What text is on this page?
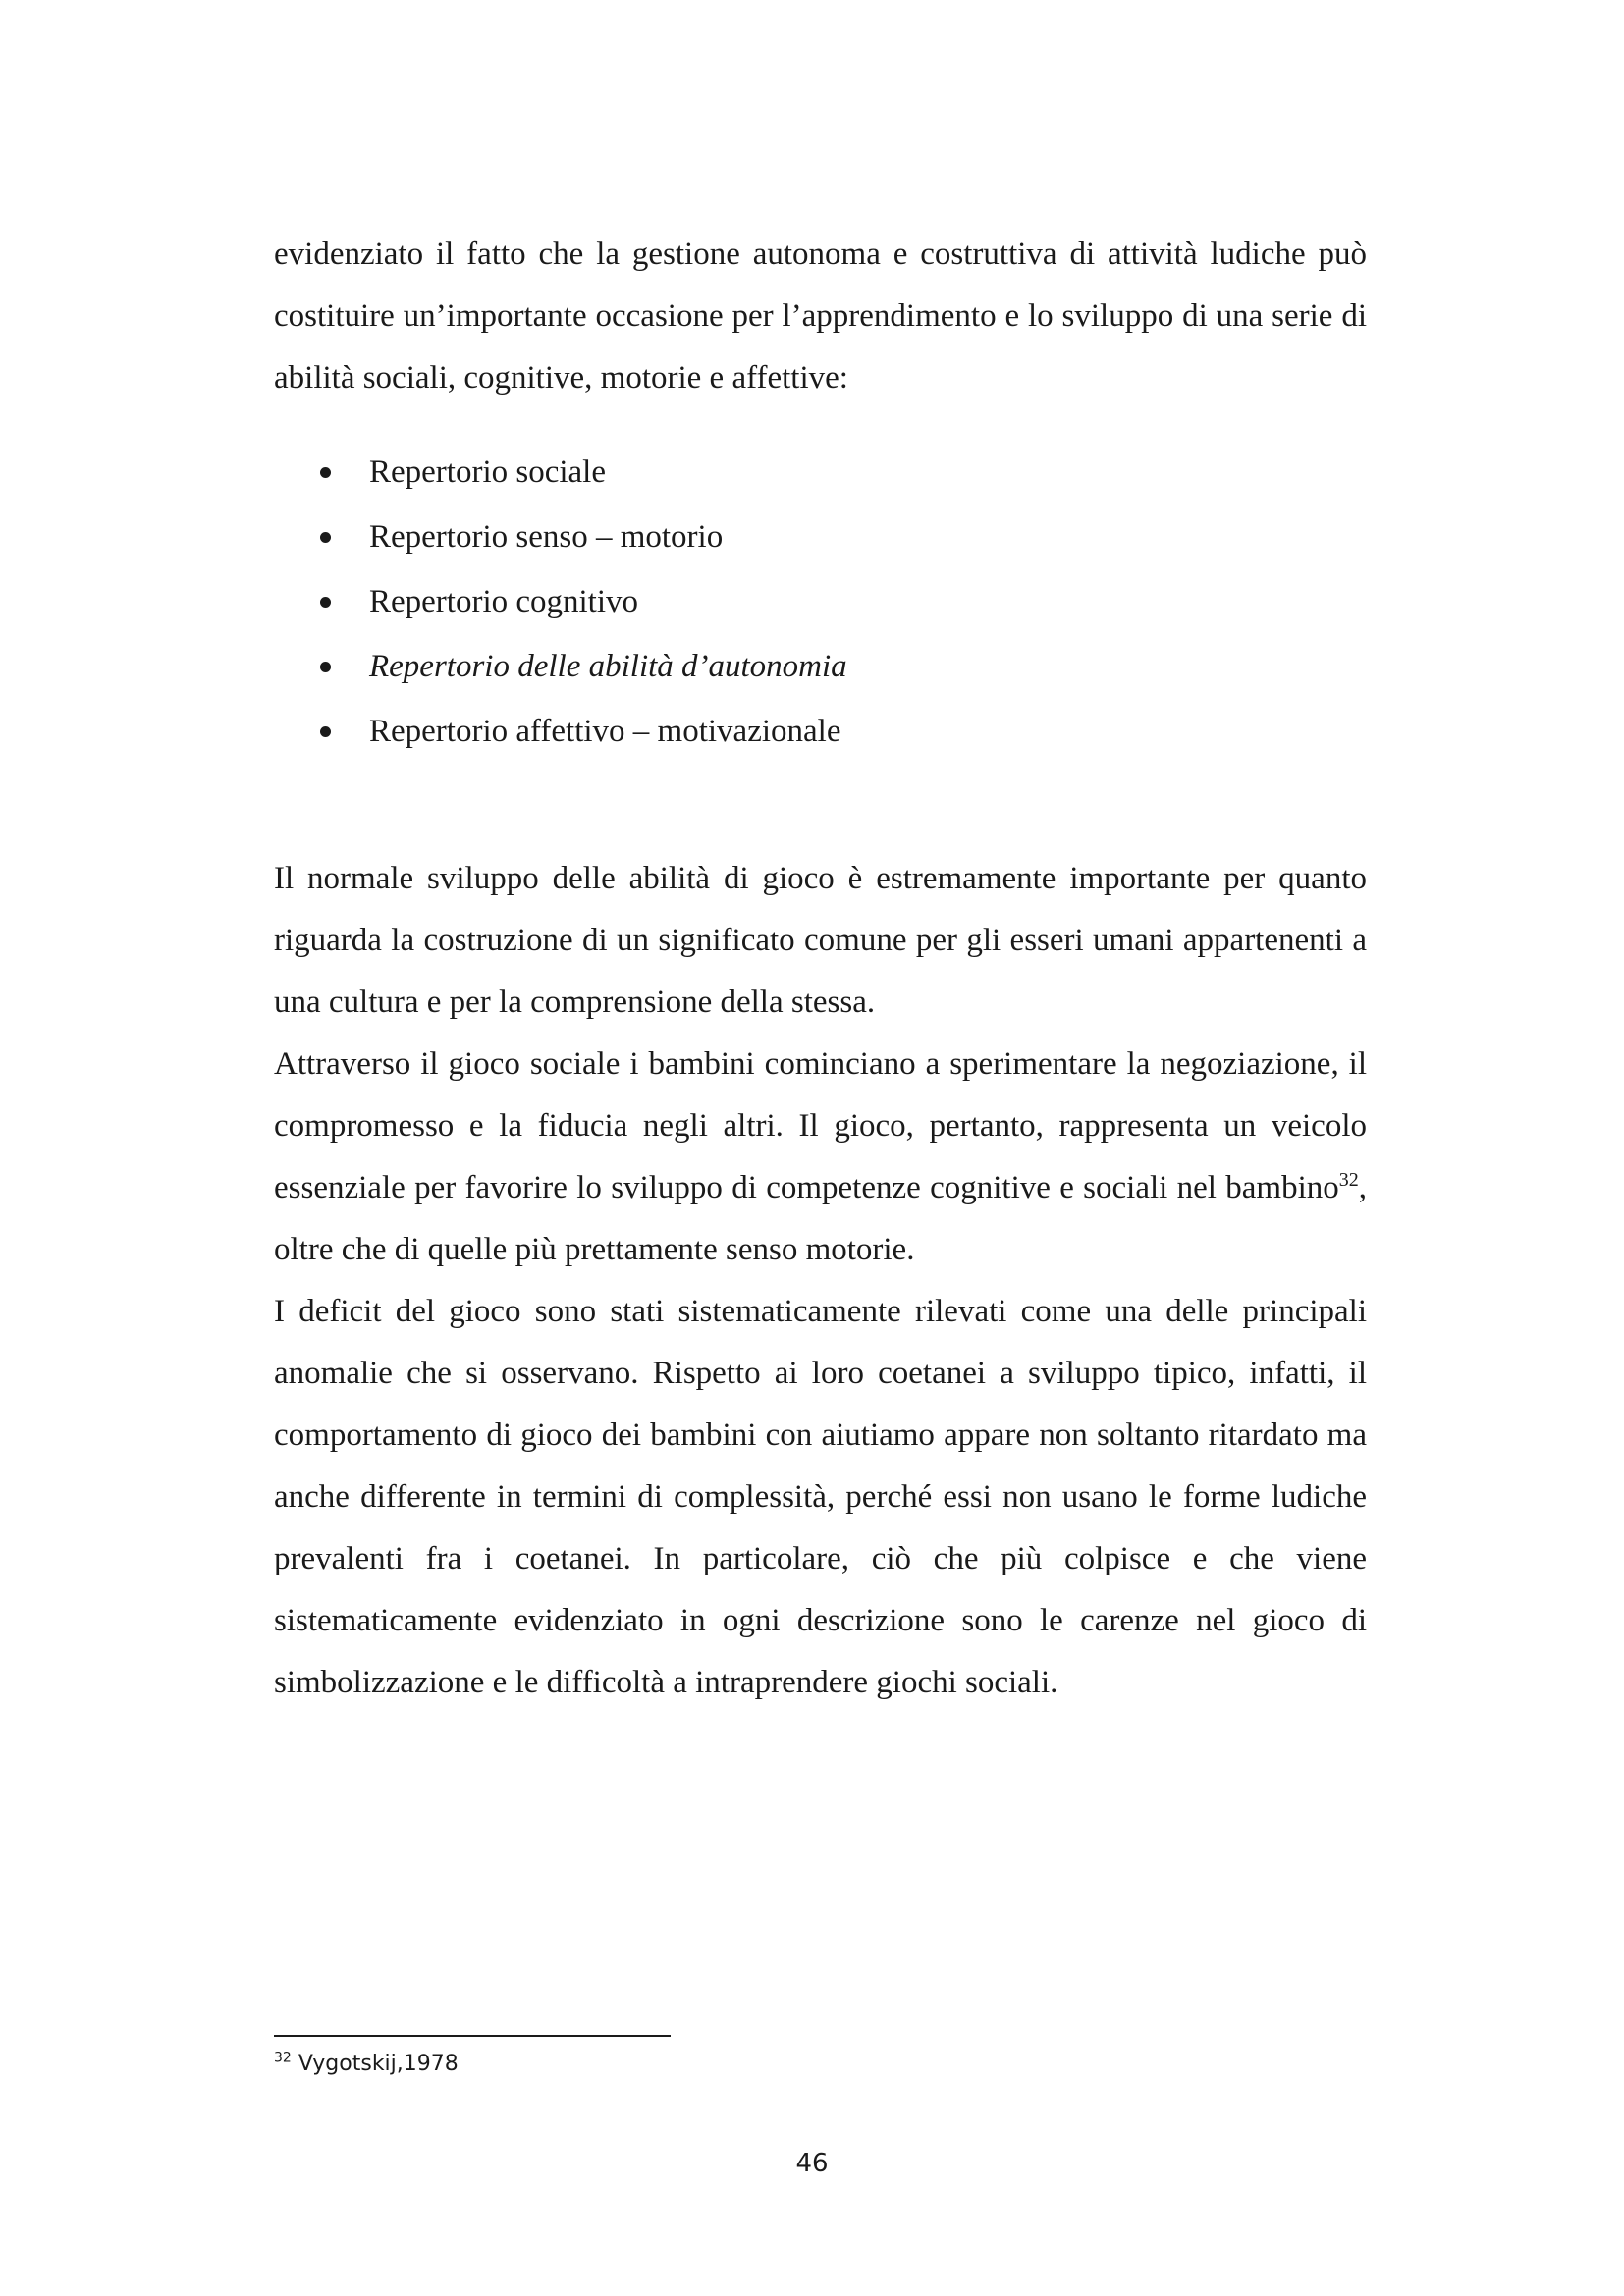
evidenziato il fatto che la gestione autonoma e costruttiva di attività ludiche può costituire un’importante occasione per l’apprendimento e lo sviluppo di una serie di abilità sociali, cognitive, motorie e affettive:

Repertorio sociale
Repertorio senso – motorio
Repertorio cognitivo
Repertorio delle abilità d’autonomia
Repertorio affettivo – motivazionale

Il normale sviluppo delle abilità di gioco è estremamente importante per quanto riguarda la costruzione di un significato comune per gli esseri umani appartenenti a una cultura e per la comprensione della stessa.

Attraverso il gioco sociale i bambini cominciano a sperimentare la negoziazione, il compromesso e la fiducia negli altri. Il gioco, pertanto, rappresenta un veicolo essenziale per favorire lo sviluppo di competenze cognitive e sociali nel bambino$^{32}$, oltre che di quelle più prettamente senso motorie.

I deficit del gioco sono stati sistematicamente rilevati come una delle principali anomalie che si osservano. Rispetto ai loro coetanei a sviluppo tipico, infatti, il comportamento di gioco dei bambini con aiutiamo appare non soltanto ritardato ma anche differente in termini di complessità, perché essi non usano le forme ludiche prevalenti fra i coetanei. In particolare, ciò che più colpisce e che viene sistematicamente evidenziato in ogni descrizione sono le carenze nel gioco di simbolizzazione e le difficoltà a intraprendere giochi sociali.

$^{32}$ Vygotskij,1978
46
